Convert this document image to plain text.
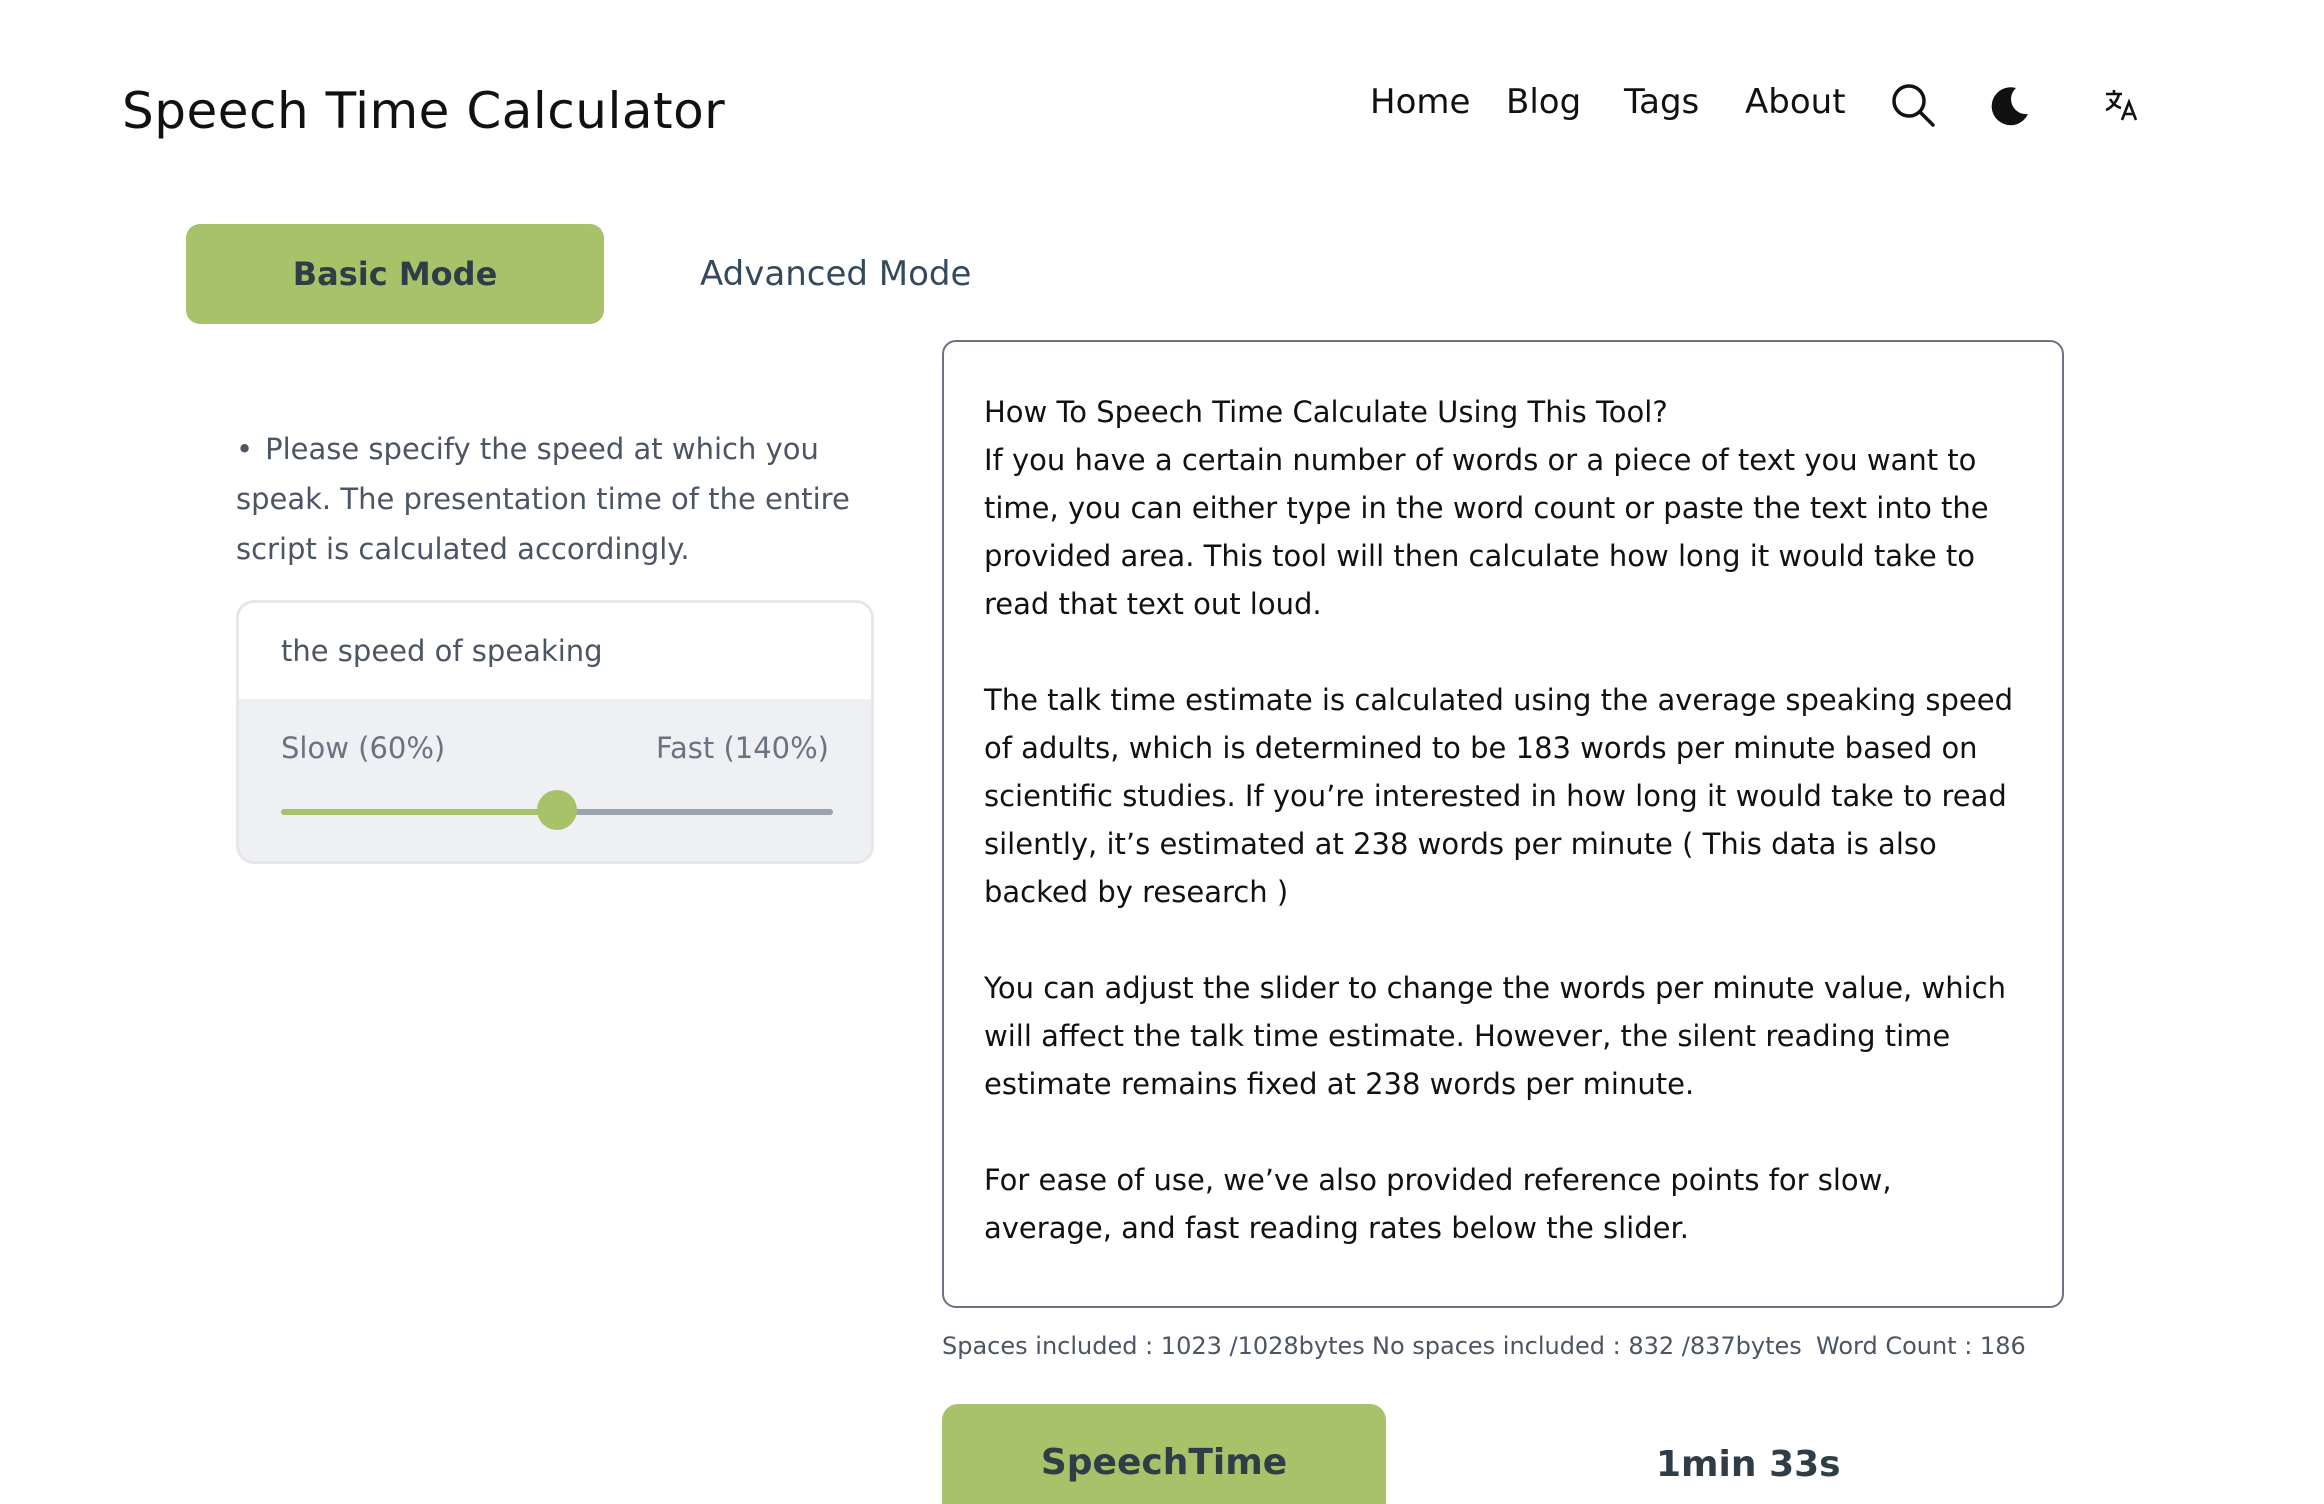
Speech Time Calculator	Home Blog Tags About
Basic Mode	Advanced Mode
• Please specify the speed at which you speak. The presentation time of the entire script is calculated accordingly.
the speed of speaking
Slow (60%)	Fast (140%)
How To Speech Time Calculate Using This Tool?
If you have a certain number of words or a piece of text you want to time, you can either type in the word count or paste the text into the provided area. This tool will then calculate how long it would take to read that text out loud.

The talk time estimate is calculated using the average speaking speed of adults, which is determined to be 183 words per minute based on scientific studies. If you’re interested in how long it would take to read silently, it’s estimated at 238 words per minute ( This data is also backed by research )

You can adjust the slider to change the words per minute value, which will affect the talk time estimate. However, the silent reading time estimate remains fixed at 238 words per minute.

For ease of use, we’ve also provided reference points for slow, average, and fast reading rates below the slider.

Spaces included : 1023 /1028bytes No spaces included : 832 /837bytes Word Count : 186
SpeechTime	1min 33s
